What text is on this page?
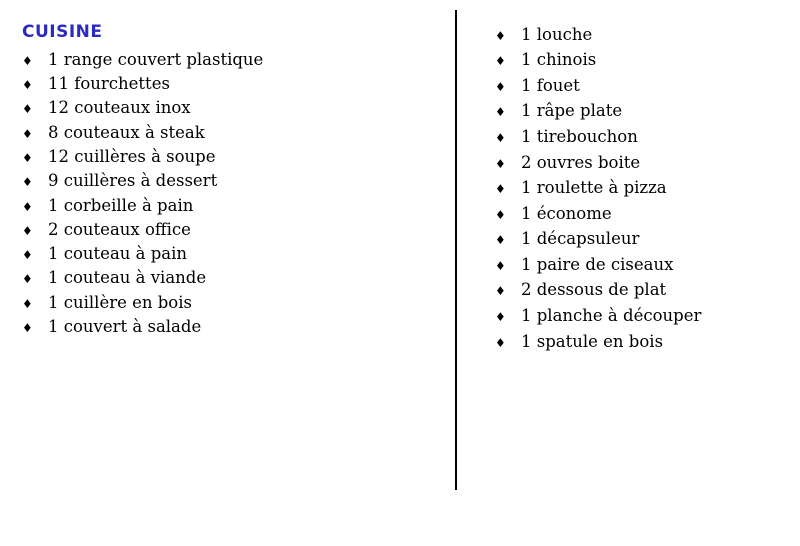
CUISINE
♦ 1 range couvert plastique
♦ 11 fourchettes
♦ 12 couteaux inox
♦ 8 couteaux à steak
♦ 12 cuillères à soupe
♦ 9 cuillères à dessert
♦ 1 corbeille à pain
♦ 2 couteaux office
♦ 1 couteau à pain
♦ 1 couteau à viande
♦ 1 cuillère en bois
♦ 1 couvert à salade
♦ 1 louche
♦ 1 chinois
♦ 1 fouet
♦ 1 râpe plate
♦ 1 tirebouchon
♦ 2 ouvres boite
♦ 1 roulette à pizza
♦ 1 économe
♦ 1 décapsuleur
♦ 1 paire de ciseaux
♦ 2 dessous de plat
♦ 1 planche à découper
♦ 1 spatule en bois
